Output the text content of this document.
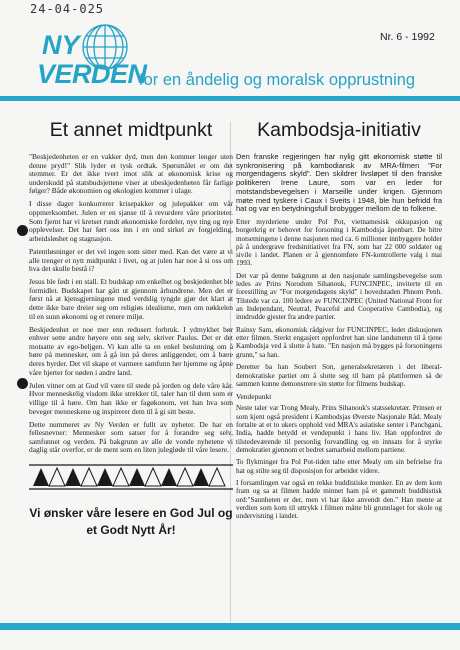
24-04-025
NY
VERDEN
Nr. 6 - 1992
for en åndelig og moralsk opprustning
Et annet midtpunkt

"Beskjedenheten er en vakker dyd, men den kommer lenger uten denne pryd!" Slik lyder et tysk ordtak. Spørsmålet er om det stemmer. Er det ikke tvert imot slik at økonomisk krise og underskudd på statsbudsjettene viser at ubeskjedenheten får farlige følger? Både økonomien og økologien kommer i ulage.

I disse dager konkurrerer krisepakker og julepakker om vår oppmerksomhet. Julen er en sjanse til å revurdere våre prioriteter. Som fjernt har vi kretset rundt økonomiske fordeler, nye ting og nye opplevelser. Det har ført oss inn i en ond sirkel av forgjelding, arbeidsløshet og stagnasjon.

Patentløsninger er det vel ingen som sitter med. Kan det være at vi alle trenger et nytt midtpunkt i livet, og at julen har noe å si oss om hva det skulle bestå i?

Jesus ble født i en stall. Et budskap om enkelhet og beskjedenhet ble formidlet. Budskapet har gått ut gjennom århundrene. Men det er først nå at kjensgjerningene med verdslig tyngde gjør det klart at dette ikke bare dreier seg om religiøs idealisme, men om nøkkelen til en sunn økonomi og et renere miljø.

Beskjedenhet er noe mer enn redusert forbruk. I ydmykhet bør enhver sette andre høyere enn seg selv, skriver Paulus. Det er det motsatte av ego-beljgen. Vi kan alle ta en enkel beslutning om å høre på mennesker, om å gå inn på deres anliggender, om å bære deres byrder. Det vil skape et varmere samfunn her hjemme og åpne våre hjerter for nøden i andre land.

Julen vitner om at Gud vil være til stede på jorden og dele våre kår. Hvor menneskelig visdom ikke strekker til, taler han til dem som er villige til å høre. Om han ikke er fagøkonom, vet han hva som beveger menneskene og inspirerer dem til å gi sitt beste.

Dette nummeret av Ny Verden er fullt av nyheter. De har en fellesnevner: Mennesker som satser for å forandre seg selv, samfunnet og verden. På bakgrunn av alle de vonde nyhetene vi daglig står overfor, er de ment som en liten julegløde til våre lesere.

Vi ønsker våre lesere en God Jul og et Godt Nytt År!
Kambodsja-initiativ
Den franske regjeringen har nylig gitt økonomisk støtte til synkronisering på kambodiansk av MRA-filmen "For morgendagens skyld". Den skildrer livsløpet til den franske politikeren Irene Laure, som var en leder for motstandsbevegelsen i Marseille under krigen. Gjennom møte med tyskere i Caux i Sveits i 1948, ble hun befridd fra hat og var en betydningsfull brobygger mellom de to folkene.

Etter myrderiene under Pol Pot, vietnamesisk okkupasjon og borgerkrig er behovet for forsoning i Kambodsja åpenbart. De bitre motsetningene i denne nasjonen med ca. 6 millioner innbyggere holder på å undergrave fredsinitiativet fra FN, som har 22 000 soldater og sivile i landet. Planen er å gjennomføre FN-kontrollerte valg i mai 1993.

Det var på denne bakgrunn at den nasjonale samlingsbevegelse som ledes av Prins Norodom Sihanouk, FUNCINPEC, inviterte til en forestilling av "For morgendagens skyld" i hovedstaden Phnom Penh. Tilstede var ca. 100 ledere av FUNCINPEC (United National Front for an Independant, Neutral, Peaceful and Cooperative Cambodia), og inndrudde gjester fra andre partier.

Rainsy Sam, økonomisk rådgiver for FUNCINPEC, ledet diskusjonen etter filmen. Sterkt engasjert oppfordret han sine landsmenn til å tjene Kambodsja ved å slutte å hate. "En nasjon må bygges på forsoningens grunn," sa han.

Deretter ba han Soubert Son, generalsekretæren i det liberal-demokratiske partiet om å slutte seg til ham på plattformen så de sammen kunne demonstrere sin støtte for filmens budskap.

Vendepunkt

Neste taler var Trong Mealy, Prins Sihanouk's statssekretær. Prinsen er som kjent også president i Kambodsjas Øverste Nasjonale Råd. Mealy fortalte at et to ukers opphold ved MRA's asiatiske senter i Panchgani, India, hadde betydd et vendepunkt i hans liv. Han oppfordret de tilstedeværende til personlig forvandling og en innsats for å styrke demokratiet gjennom et bedret samarbeid mellom partiene.

To flyktninger fra Pol Pot-tiden talte etter Mealy om sin befrielse fra hat og stilte seg til disposisjon for arbeidet videre.

I forsamlingen var også en rekke buddistiske munker. En av dem kom fram og sa at filmen hadde minnet ham på et gammelt buddhistisk ord:"Sannheten er der, men vi har ikke anvendt den." Han mente at verdien som kom til uttrykk i filmen måtte bli grunnlaget for skole og undervisning i landet.
